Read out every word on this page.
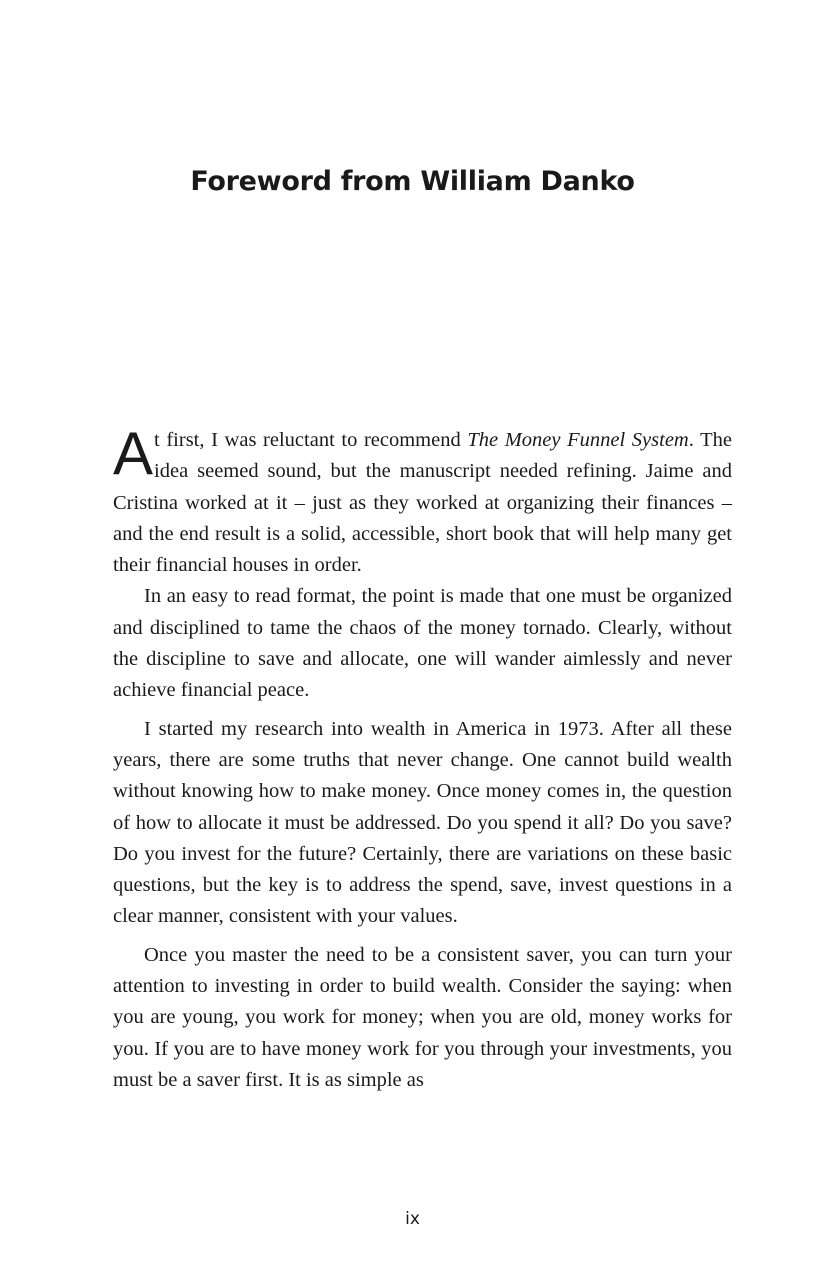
Foreword from William Danko

At first, I was reluctant to recommend The Money Funnel System. The idea seemed sound, but the manuscript needed refining. Jaime and Cristina worked at it – just as they worked at organizing their finances – and the end result is a solid, accessible, short book that will help many get their financial houses in order.

In an easy to read format, the point is made that one must be organized and disciplined to tame the chaos of the money tornado. Clearly, without the discipline to save and allocate, one will wander aimlessly and never achieve financial peace.

I started my research into wealth in America in 1973. After all these years, there are some truths that never change. One cannot build wealth without knowing how to make money. Once money comes in, the question of how to allocate it must be addressed. Do you spend it all? Do you save? Do you invest for the future? Certainly, there are variations on these basic questions, but the key is to address the spend, save, invest questions in a clear manner, consistent with your values.

Once you master the need to be a consistent saver, you can turn your attention to investing in order to build wealth. Consider the saying: when you are young, you work for money; when you are old, money works for you. If you are to have money work for you through your investments, you must be a saver first. It is as simple as

ix
